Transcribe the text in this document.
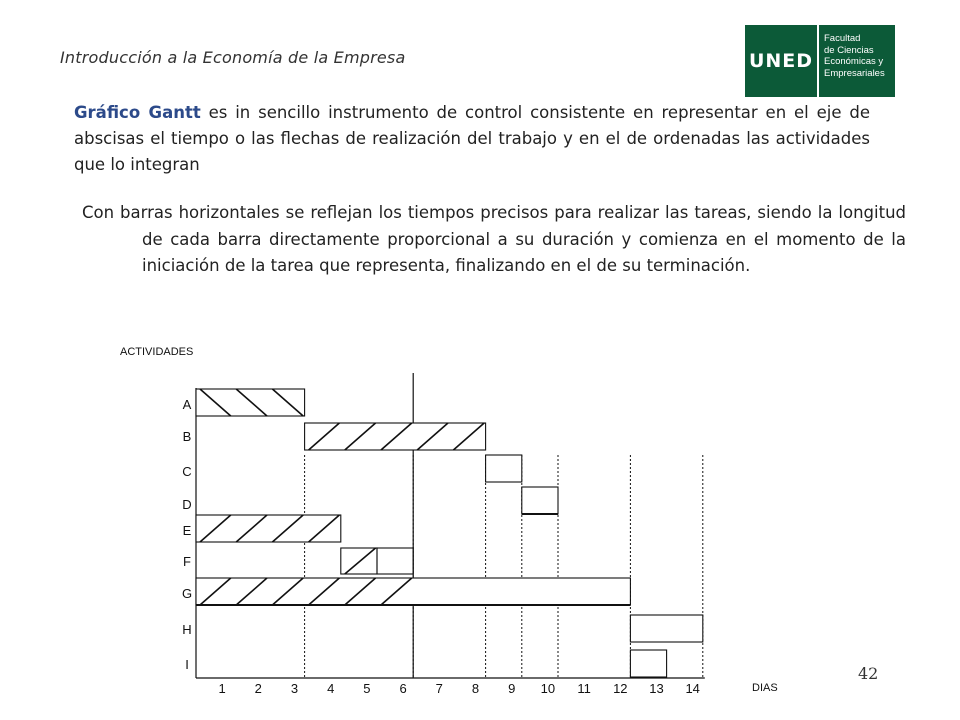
Introducción a la Economía de la Empresa	UNED
Facultad
de Ciencias
Económicas y
Empresariales
Gráfico Gantt es in sencillo instrumento de control consistente en representar en el eje de abscisas el tiempo o las flechas de realización del trabajo y en el de ordenadas las actividades que lo integran
Con barras horizontales se reflejan los tiempos precisos para realizar las tareas, siendo la longitud de cada barra directamente proporcional a su duración y comienza en el momento de la iniciación de la tarea que representa, finalizando en el de su terminación.
ACTIVIDADES
DIAS
A
B
C
D
E
F
G
H
I
1 2 3 4 5 6 7 8 9 10 11 12 13 14
42
